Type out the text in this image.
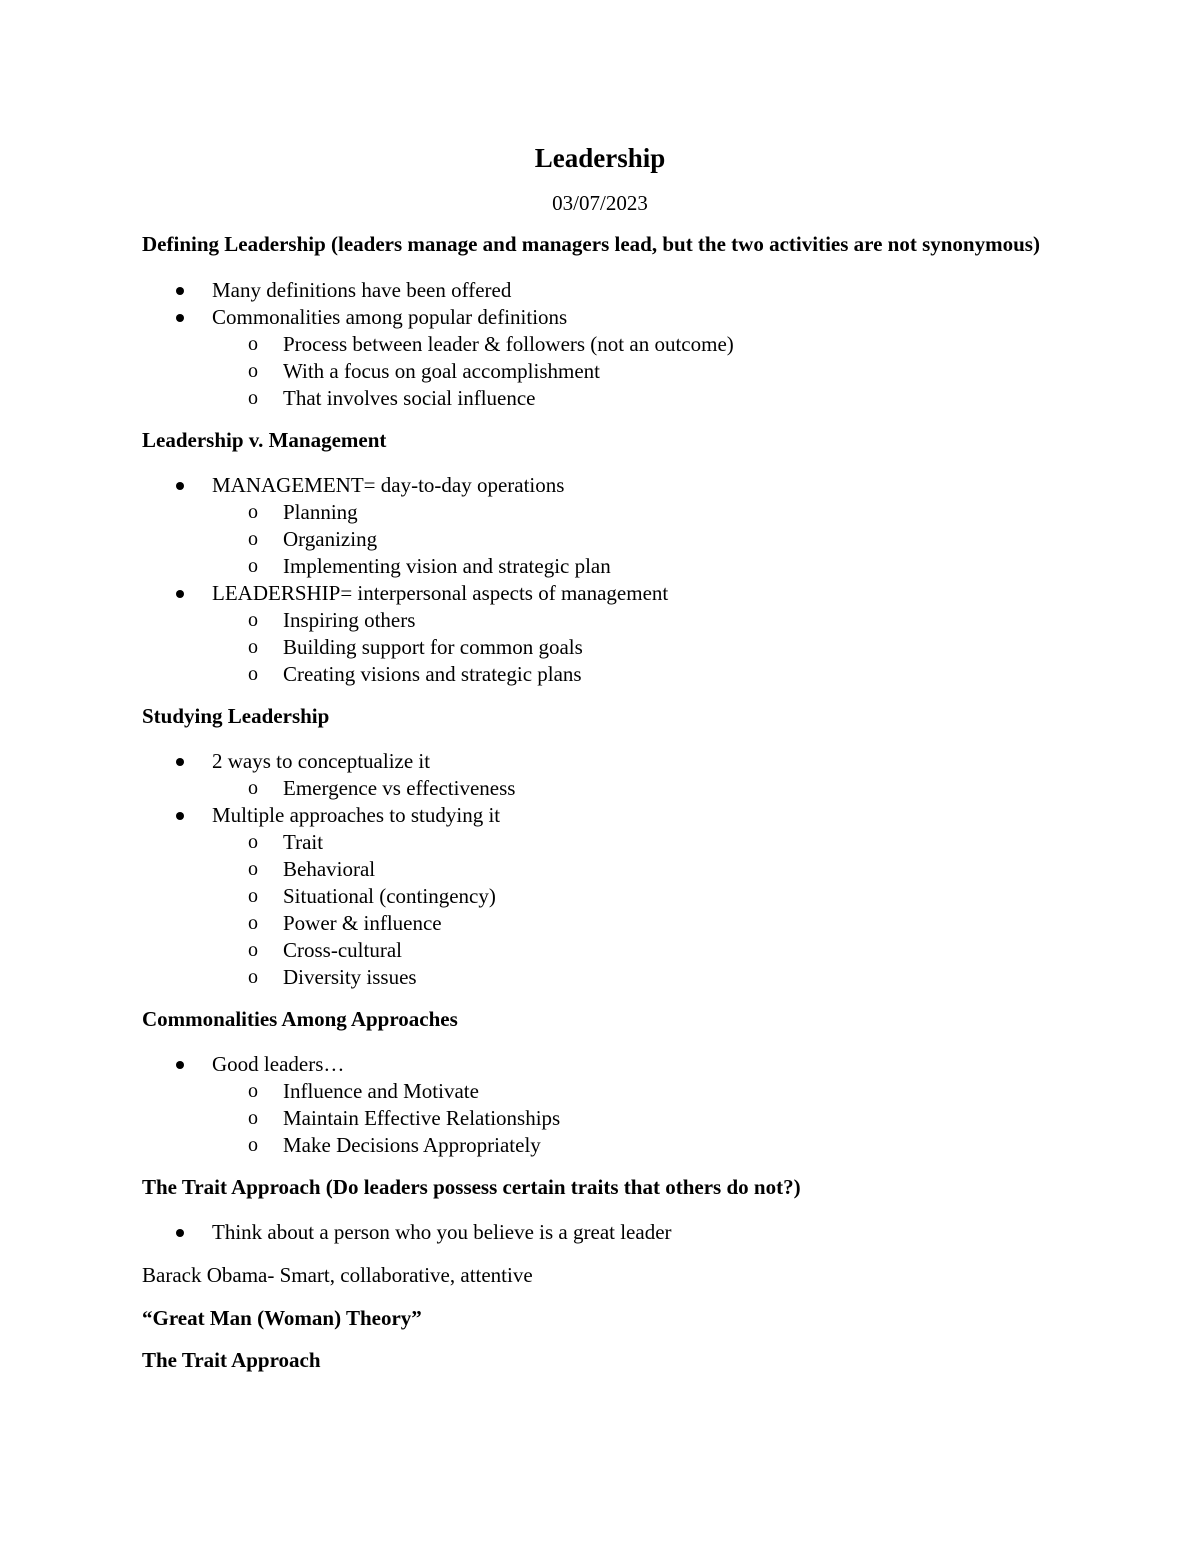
Leadership
03/07/2023

Defining Leadership (leaders manage and managers lead, but the two activities are not synonymous)

Many definitions have been offered
Commonalities among popular definitions
o Process between leader & followers (not an outcome)
o With a focus on goal accomplishment
o That involves social influence

Leadership v. Management

MANAGEMENT= day-to-day operations
o Planning
o Organizing
o Implementing vision and strategic plan
LEADERSHIP= interpersonal aspects of management
o Inspiring others
o Building support for common goals
o Creating visions and strategic plans

Studying Leadership

2 ways to conceptualize it
o Emergence vs effectiveness
Multiple approaches to studying it
o Trait
o Behavioral
o Situational (contingency)
o Power & influence
o Cross-cultural
o Diversity issues

Commonalities Among Approaches

Good leaders…
o Influence and Motivate
o Maintain Effective Relationships
o Make Decisions Appropriately

The Trait Approach (Do leaders possess certain traits that others do not?)

Think about a person who you believe is a great leader

Barack Obama- Smart, collaborative, attentive

“Great Man (Woman) Theory”

The Trait Approach
